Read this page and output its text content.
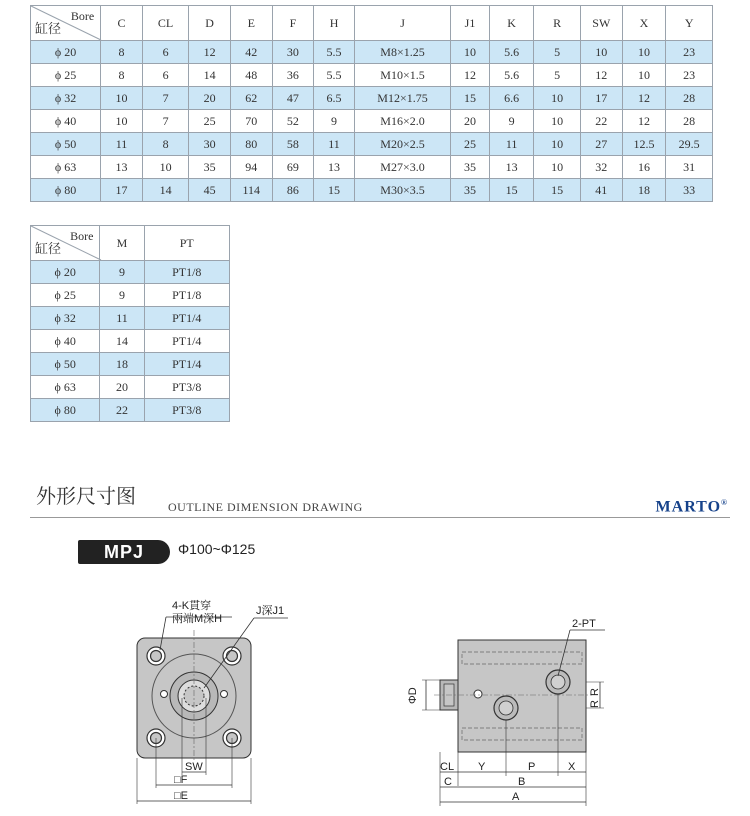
Bore
缸径	C	CL	D	E	F	H	J	J1	K	R	SW	X	Y
ϕ 20	8	6	12	42	30	5.5	M8×1.25	10	5.6	5	10	10	23
ϕ 25	8	6	14	48	36	5.5	M10×1.5	12	5.6	5	12	10	23
ϕ 32	10	7	20	62	47	6.5	M12×1.75	15	6.6	10	17	12	28
ϕ 40	10	7	25	70	52	9	M16×2.0	20	9	10	22	12	28
ϕ 50	11	8	30	80	58	11	M20×2.5	25	11	10	27	12.5	29.5
ϕ 63	13	10	35	94	69	13	M27×3.0	35	13	10	32	16	31
ϕ 80	17	14	45	114	86	15	M30×3.5	35	15	15	41	18	33
Bore
缸径	M	PT
ϕ 20	9	PT1/8
ϕ 25	9	PT1/8
ϕ 32	11	PT1/4
ϕ 40	14	PT1/4
ϕ 50	18	PT1/4
ϕ 63	20	PT3/8
ϕ 80	22	PT3/8
外形尺寸图	OUTLINE DIMENSION DRAWING	MARTO®
MPJ	Φ100~Φ125
4-K貫穿
兩端M深H
J深J1
SW
□F
□E
2-PT
ΦD	R
R
CL Y	P	X
C	B
A
